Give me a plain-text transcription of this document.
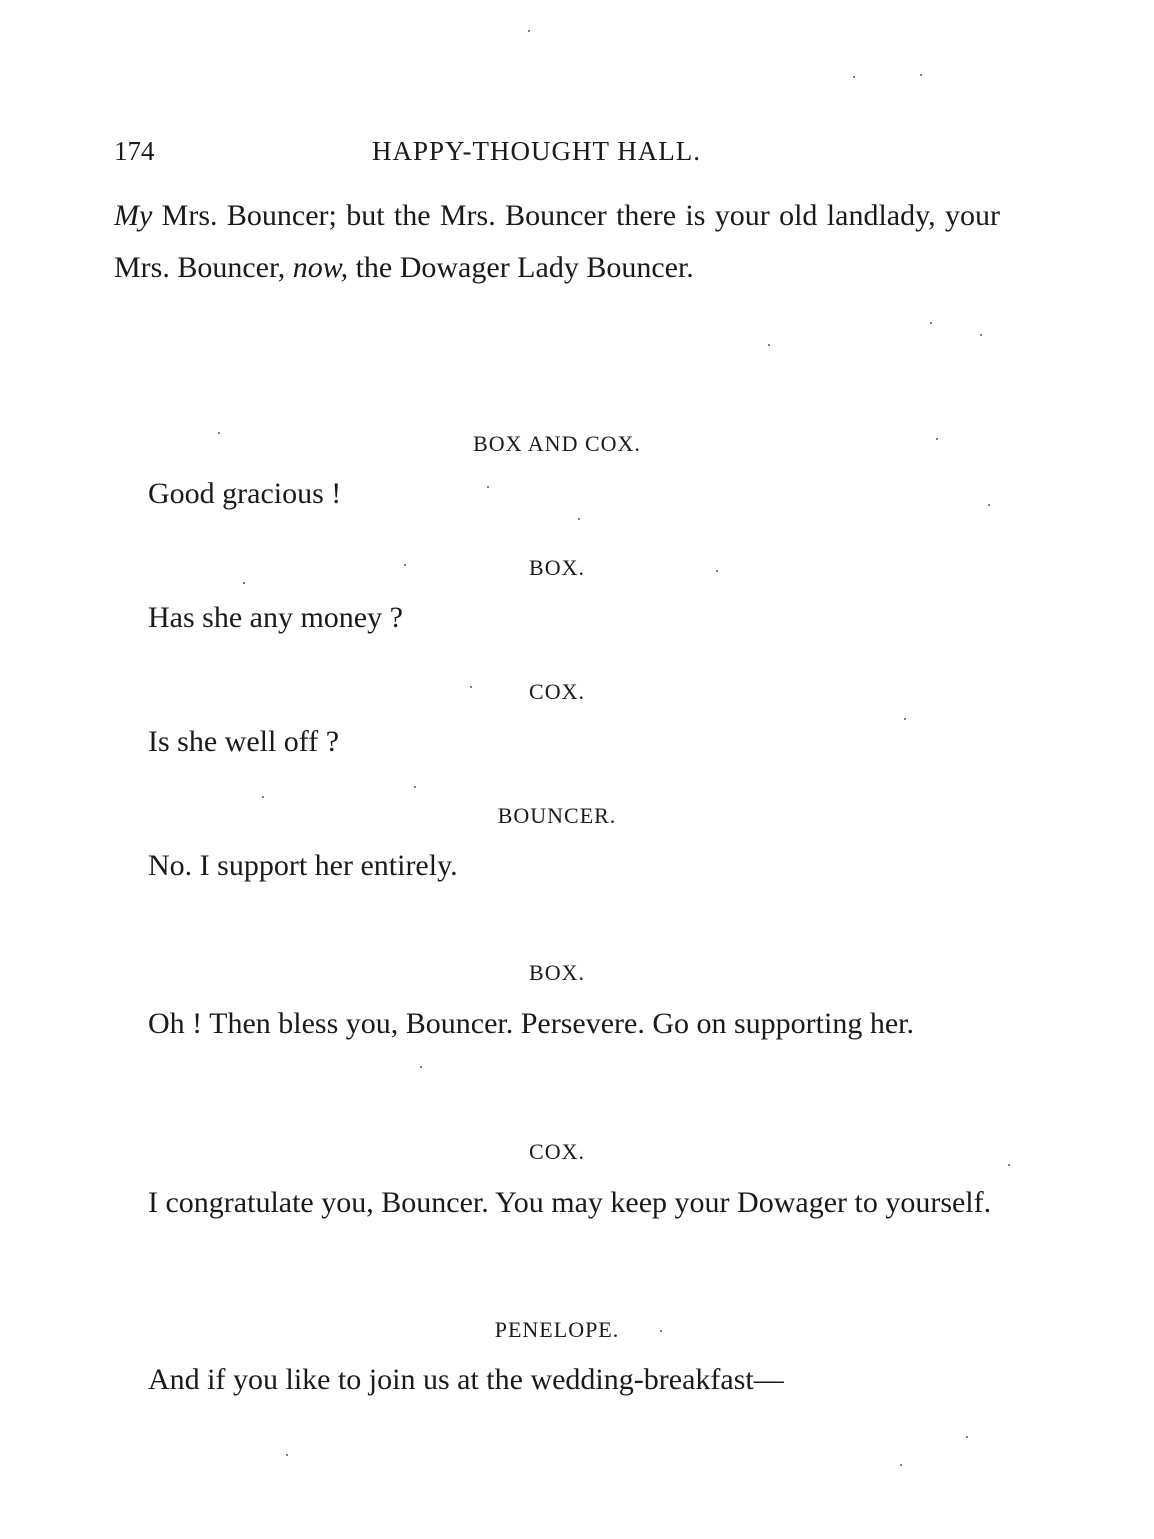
174	HAPPY-THOUGHT HALL.

My Mrs. Bouncer; but the Mrs. Bouncer there is your old landlady, your Mrs. Bouncer, now, the Dowager Lady Bouncer.

BOX AND COX.

Good gracious !

BOX.

Has she any money ?

COX.

Is she well off ?

BOUNCER.

No. I support her entirely.

BOX.

Oh ! Then bless you, Bouncer. Persevere. Go on supporting her.

COX.

I congratulate you, Bouncer. You may keep your Dowager to yourself.

PENELOPE.

And if you like to join us at the wedding-breakfast—
